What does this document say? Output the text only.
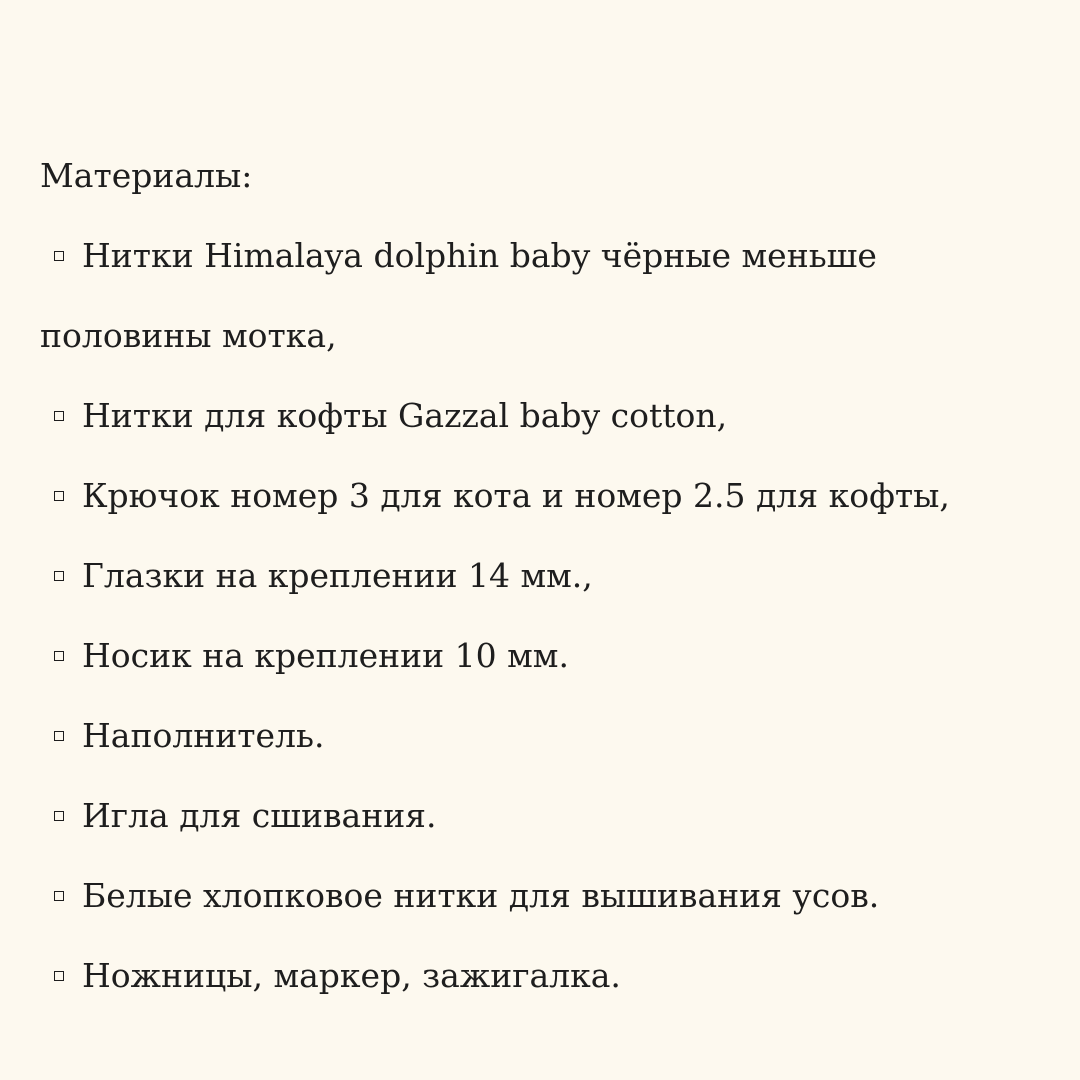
Материалы:
Нитки Himalaya dolphin baby чёрные меньше
половины мотка,
Нитки для кофты Gazzal baby cotton,
Крючок номер 3 для кота и номер 2.5 для кофты,
Глазки на креплении 14 мм.,
Носик на креплении 10 мм.
Наполнитель.
Игла для сшивания.
Белые хлопковое нитки для вышивания усов.
Ножницы, маркер, зажигалка.
